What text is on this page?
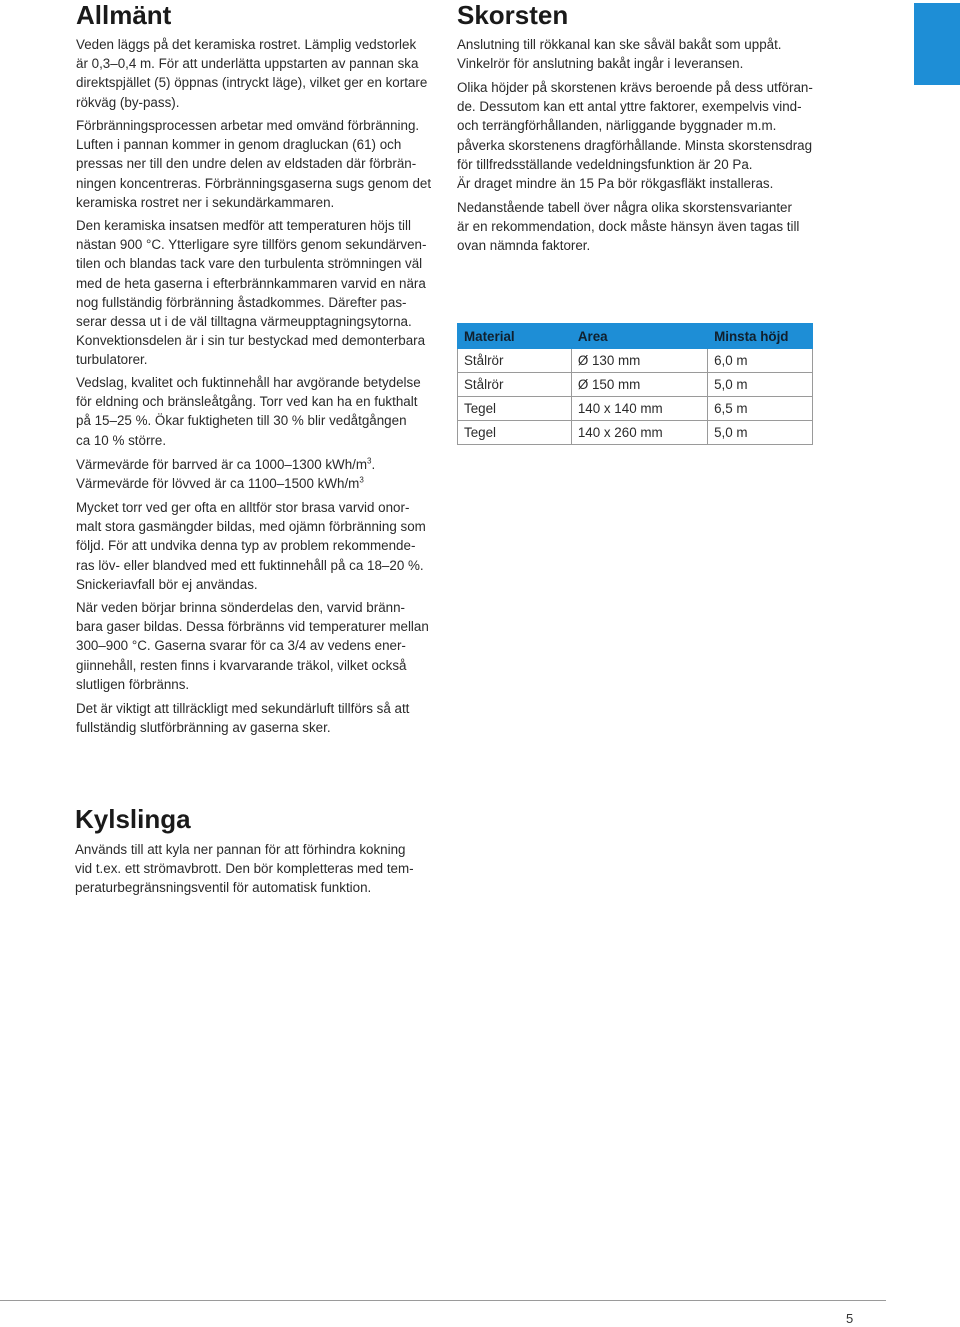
Allmänt

Veden läggs på det keramiska rostret. Lämplig vedstorlek
är 0,3–0,4 m. För att underlätta uppstarten av pannan ska
direktspjället (5) öppnas (intryckt läge), vilket ger en kortare
rökväg (by-pass).

Förbränningsprocessen arbetar med omvänd förbränning.
Luften i pannan kommer in genom dragluckan (61) och
pressas ner till den undre delen av eldstaden där förbrän-
ningen koncentreras. Förbränningsgaserna sugs genom det
keramiska rostret ner i sekundärkammaren.

Den keramiska insatsen medför att temperaturen höjs till
nästan 900 °C. Ytterligare syre tillförs genom sekundärven-
tilen och blandas tack vare den turbulenta strömningen väl
med de heta gaserna i efterbrännkammaren varvid en nära
nog fullständig förbränning åstadkommes. Därefter pas-
serar dessa ut i de väl tilltagna värmeupptagningsytorna.
Konvektionsdelen är i sin tur bestyckad med demonterbara
turbulatorer.

Vedslag, kvalitet och fuktinnehåll har avgörande betydelse
för eldning och bränsleåtgång. Torr ved kan ha en fukthalt
på 15–25 %. Ökar fuktigheten till 30 % blir vedåtgången
ca 10 % större.

Värmevärde för barrved är ca 1000–1300 kWh/$m^3$.
Värmevärde för lövved är ca 1100–1500 kWh/$m^3$

Mycket torr ved ger ofta en alltför stor brasa varvid onor-
malt stora gasmängder bildas, med ojämn förbränning som
följd. För att undvika denna typ av problem rekommende-
ras löv- eller blandved med ett fuktinnehåll på ca 18–20 %.
Snickeriavfall bör ej användas.

När veden börjar brinna sönderdelas den, varvid bränn-
bara gaser bildas. Dessa förbränns vid temperaturer mellan
300–900 °C. Gaserna svarar för ca 3/4 av vedens ener-
giinnehåll, resten finns i kvarvarande träkol, vilket också
slutligen förbränns.

Det är viktigt att tillräckligt med sekundärluft tillförs så att
fullständig slutförbränning av gaserna sker.

Skorsten

Anslutning till rökkanal kan ske såväl bakåt som uppåt.
Vinkelrör för anslutning bakåt ingår i leveransen.

Olika höjder på skorstenen krävs beroende på dess utföran-
de. Dessutom kan ett antal yttre faktorer, exempelvis vind-
och terrängförhållanden, närliggande byggnader m.m.
påverka skorstenens dragförhållande. Minsta skorstensdrag
för tillfredsställande vedeldningsfunktion är 20 Pa.
Är draget mindre än 15 Pa bör rökgasfläkt installeras.

Nedanstående tabell över några olika skorstensvarianter
är en rekommendation, dock måste hänsyn även tagas till
ovan nämnda faktorer.

Material	Area	Minsta höjd
Stålrör	Ø 130 mm	6,0 m
Stålrör	Ø 150 mm	5,0 m
Tegel	140 x 140 mm	6,5 m
Tegel	140 x 260 mm	5,0 m
Kylslinga

Används till att kyla ner pannan för att förhindra kokning
vid t.ex. ett strömavbrott. Den bör kompletteras med tem-
peraturbegränsningsventil för automatisk funktion.

5
